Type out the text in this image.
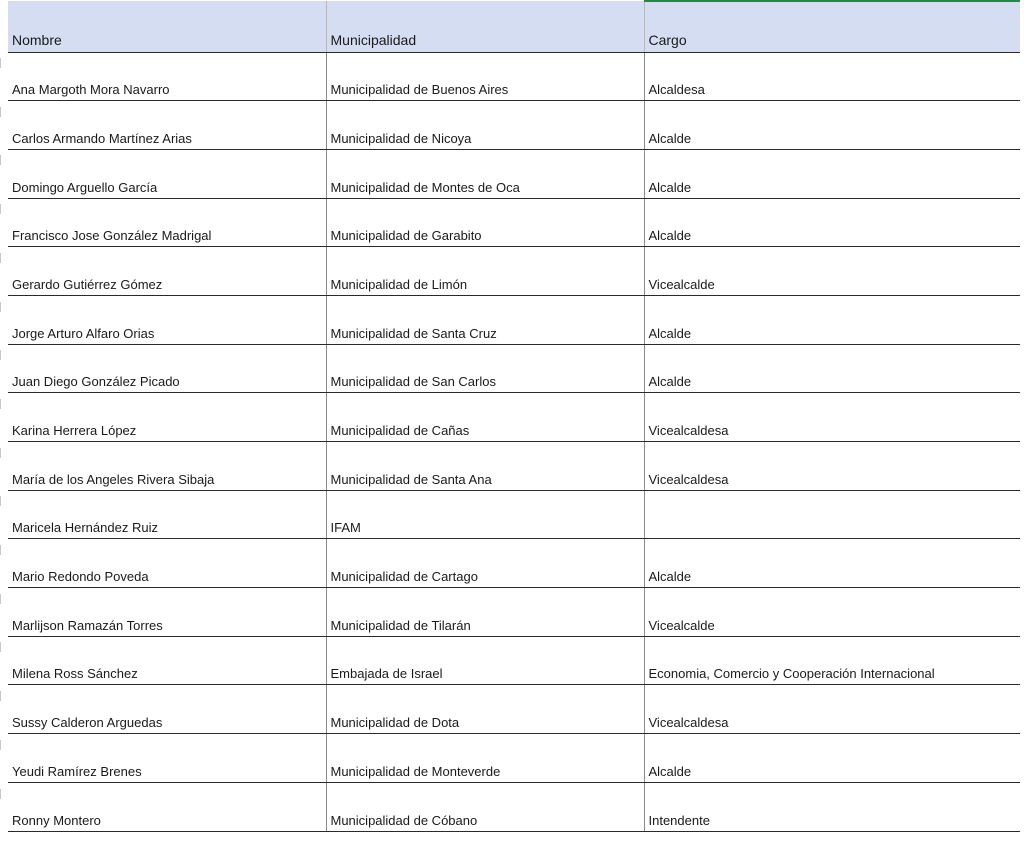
Nombre	Municipalidad	Cargo
Ana Margoth Mora Navarro	Municipalidad de Buenos Aires	Alcaldesa
Carlos Armando Martínez Arias	Municipalidad de Nicoya	Alcalde
Domingo Arguello García	Municipalidad de Montes de Oca	Alcalde
Francisco Jose González Madrigal	Municipalidad de Garabito	Alcalde
Gerardo Gutiérrez Gómez	Municipalidad de Limón	Vicealcalde
Jorge Arturo Alfaro Orias	Municipalidad de Santa Cruz	Alcalde
Juan Diego González Picado	Municipalidad de San Carlos	Alcalde
Karina Herrera López	Municipalidad de Cañas	Vicealcaldesa
María de los Angeles Rivera Sibaja	Municipalidad de Santa Ana	Vicealcaldesa
Maricela Hernández Ruiz	IFAM	
Mario Redondo Poveda	Municipalidad de Cartago	Alcalde
Marlijson Ramazán Torres	Municipalidad de Tilarán	Vicealcalde
Milena Ross Sánchez	Embajada de Israel	Economia, Comercio y Cooperación Internacional
Sussy Calderon Arguedas	Municipalidad de Dota	Vicealcaldesa
Yeudi Ramírez Brenes	Municipalidad de Monteverde	Alcalde
Ronny Montero	Municipalidad de Cóbano	Intendente
